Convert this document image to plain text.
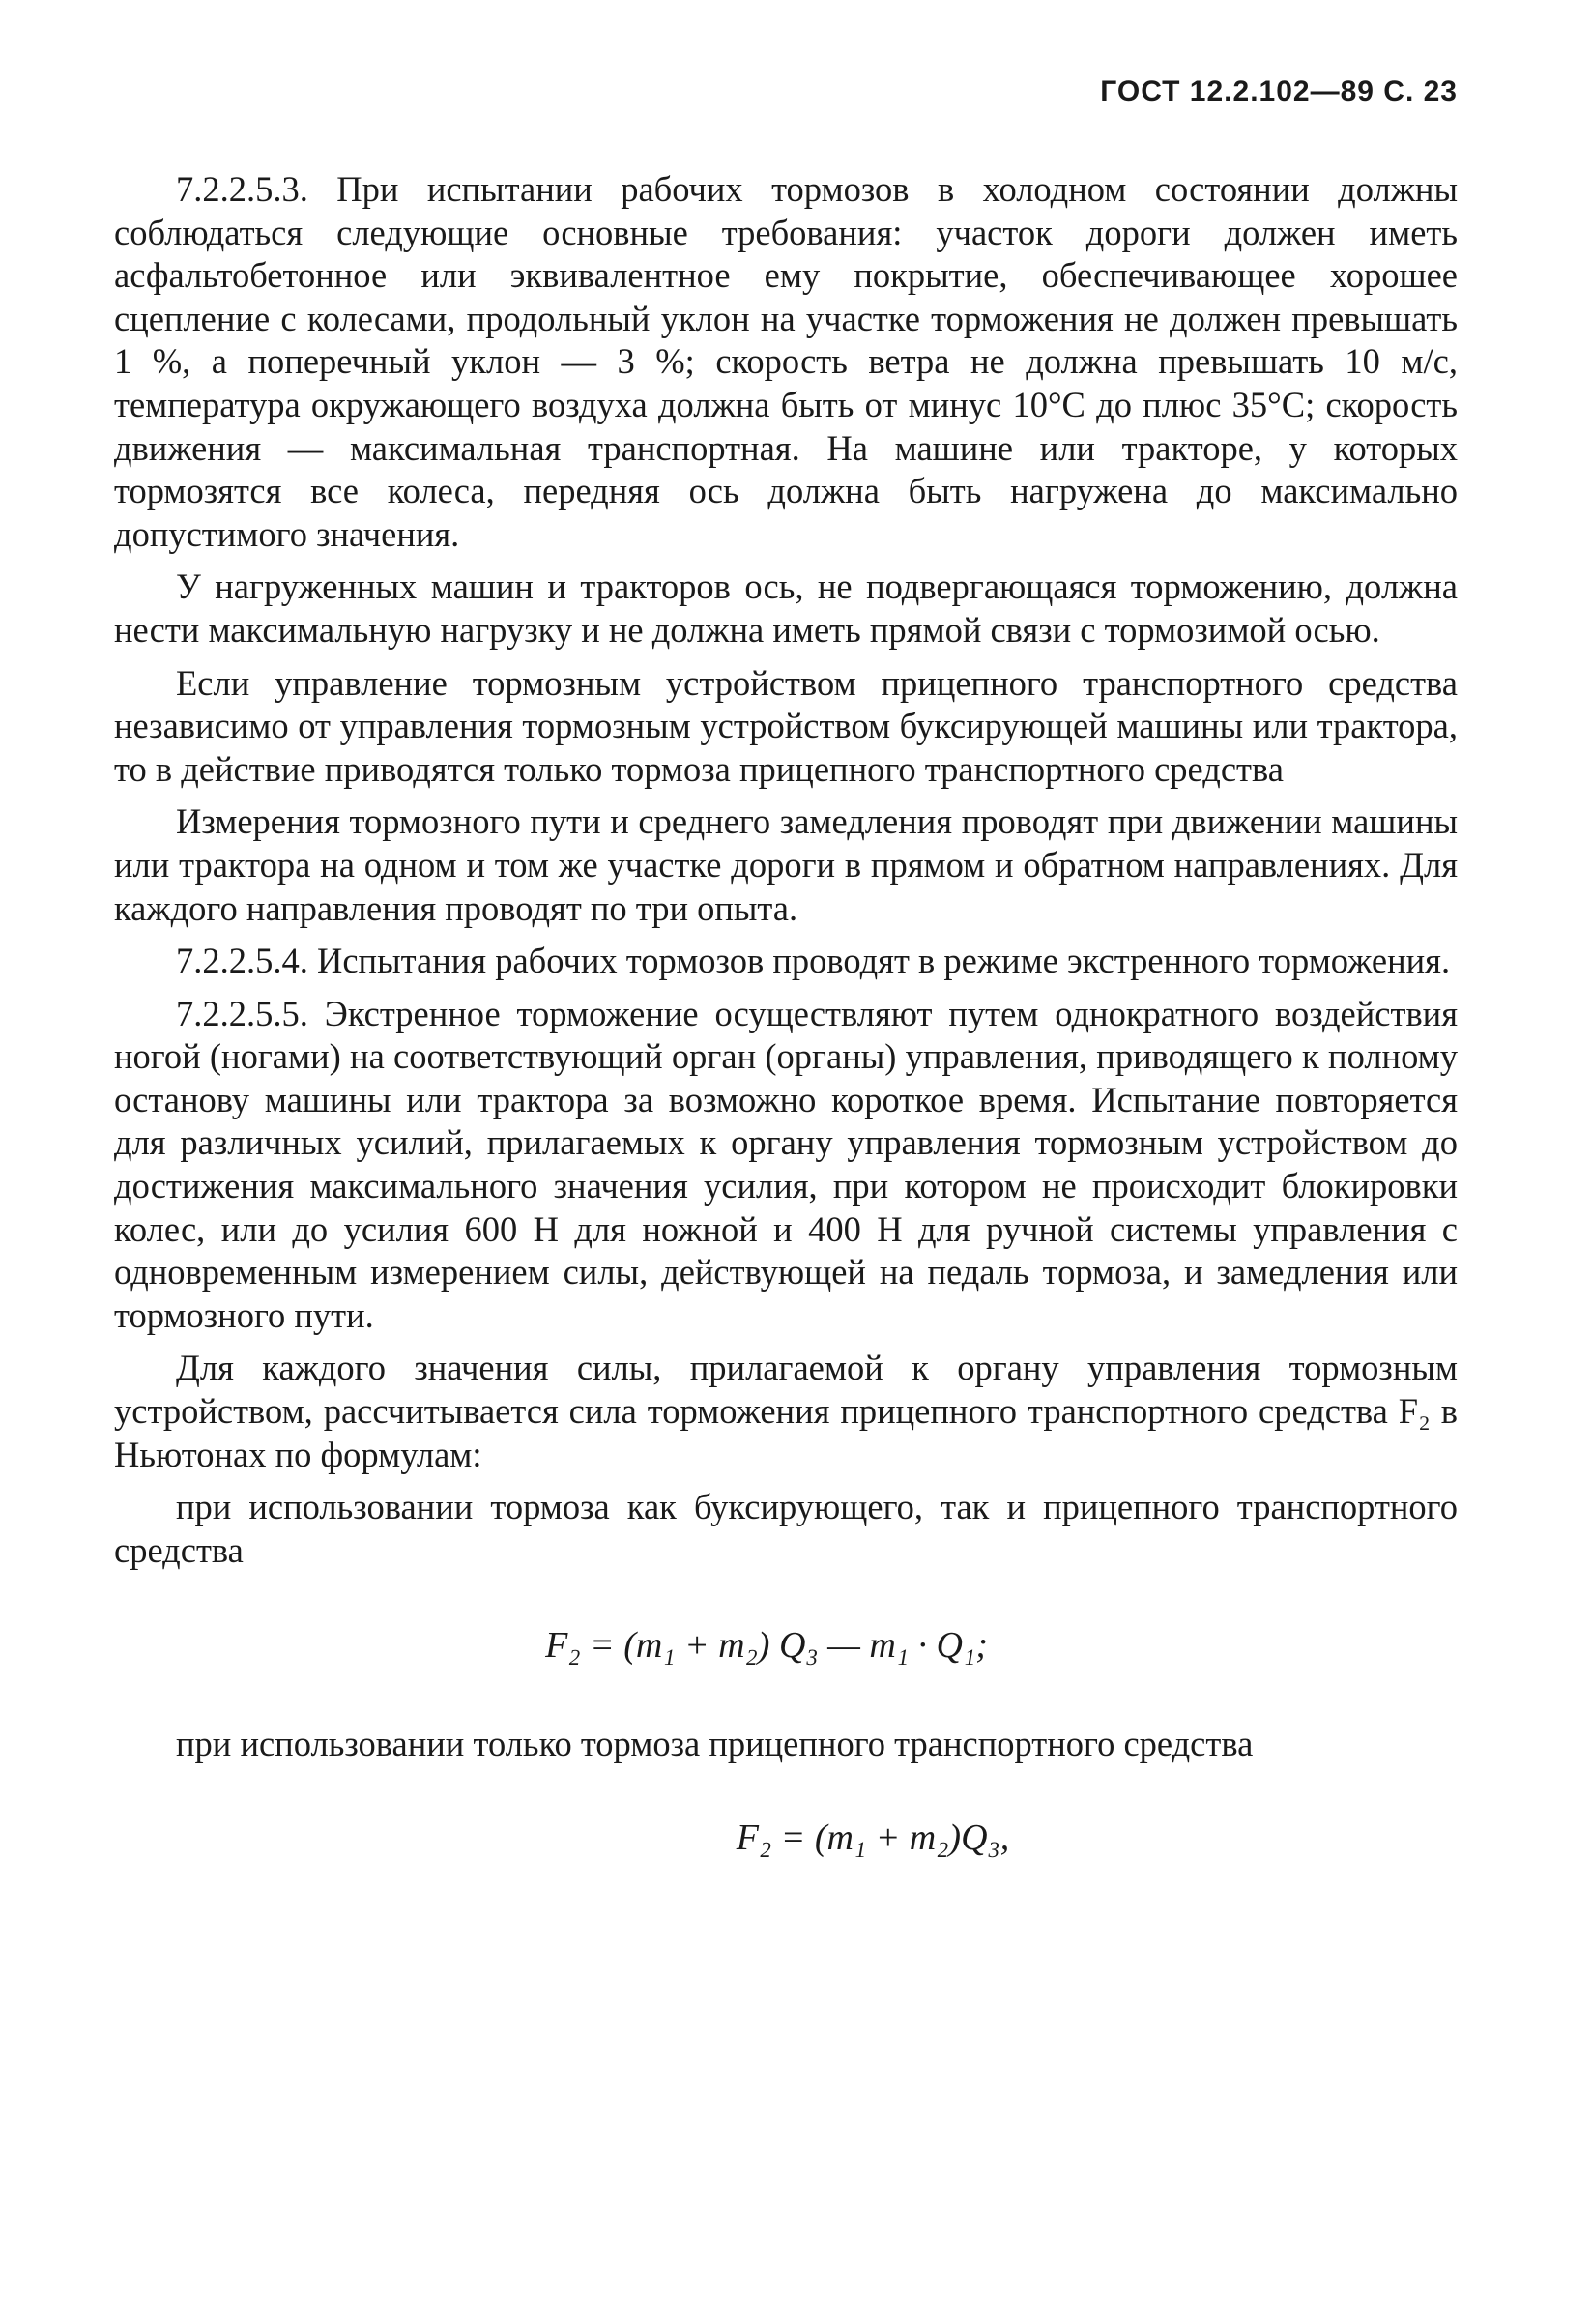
ГОСТ 12.2.102—89 С. 23

7.2.2.5.3. При испытании рабочих тормозов в холодном состоянии должны соблюдаться следующие основные требования: участок дороги должен иметь асфальтобетонное или эквивалентное ему покрытие, обеспечивающее хорошее сцепление с колесами, продольный уклон на участке торможения не должен превышать 1 %, а поперечный уклон — 3 %; скорость ветра не должна превышать 10 м/с, температура окружающего воздуха должна быть от минус 10°С до плюс 35°С; скорость движения — максимальная транспортная. На машине или тракторе, у которых тормозятся все колеса, передняя ось должна быть нагружена до максимально допустимого значения.

У нагруженных машин и тракторов ось, не подвергающаяся торможению, должна нести максимальную нагрузку и не должна иметь прямой связи с тормозимой осью.

Если управление тормозным устройством прицепного транспортного средства независимо от управления тормозным устройством буксирующей машины или трактора, то в действие приводятся только тормоза прицепного транспортного средства

Измерения тормозного пути и среднего замедления проводят при движении машины или трактора на одном и том же участке дороги в прямом и обратном направлениях. Для каждого направления проводят по три опыта.

7.2.2.5.4. Испытания рабочих тормозов проводят в режиме экстренного торможения.

7.2.2.5.5. Экстренное торможение осуществляют путем однократного воздействия ногой (ногами) на соответствующий орган (органы) управления, приводящего к полному останову машины или трактора за возможно короткое время. Испытание повторяется для различных усилий, прилагаемых к органу управления тормозным устройством до достижения максимального значения усилия, при котором не происходит блокировки колес, или до усилия 600 Н для ножной и 400 Н для ручной системы управления с одновременным измерением силы, действующей на педаль тормоза, и замедления или тормозного пути.

Для каждого значения силы, прилагаемой к органу управления тормозным устройством, рассчитывается сила торможения прицепного транспортного средства F₂ в Ньютонах по формулам:

при использовании тормоза как буксирующего, так и прицепного транспортного средства

F₂ = (m₁ + m₂) Q₃ — m₁ · Q₁;

при использовании только тормоза прицепного транспортного средства

F₂ = (m₁ + m₂)Q₃,
